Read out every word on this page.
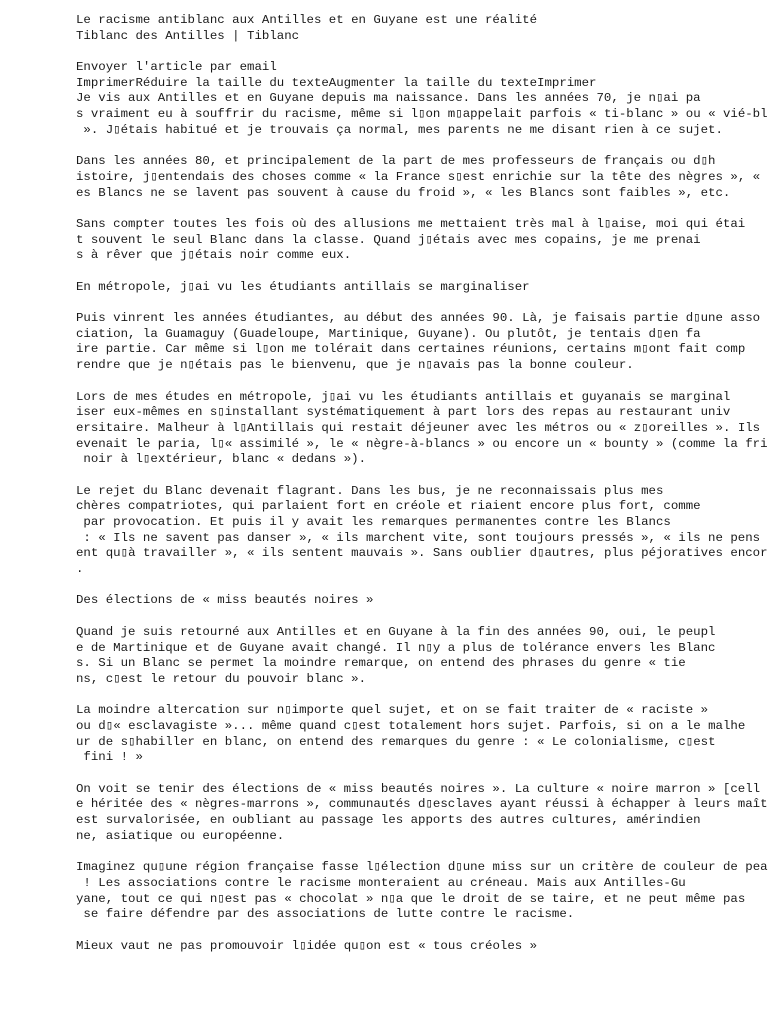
Le racisme antiblanc aux Antilles et en Guyane est une réalité
Tiblanc des Antilles | Tiblanc
Envoyer l'article par email
ImprimerRéduire la taille du texteAugmenter la taille du texteImprimer
Je vis aux Antilles et en Guyane depuis ma naissance. Dans les années 70, je n▯ai pa
s vraiment eu à souffrir du racisme, même si l▯on m▯appelait parfois « ti-blanc » ou « vié-bl
». J▯étais habitué et je trouvais ça normal, mes parents ne me disant rien à ce sujet.
Dans les années 80, et principalement de la part de mes professeurs de français ou d▯h
istoire, j▯entendais des choses comme « la France s▯est enrichie sur la tête des nègres », «
es Blancs ne se lavent pas souvent à cause du froid », « les Blancs sont faibles », etc.
Sans compter toutes les fois où des allusions me mettaient très mal à l▯aise, moi qui étai
t souvent le seul Blanc dans la classe. Quand j▯étais avec mes copains, je me prenai
s à rêver que j▯étais noir comme eux.
En métropole, j▯ai vu les étudiants antillais se marginaliser
Puis vinrent les années étudiantes, au début des années 90. Là, je faisais partie d▯une asso
ciation, la Guamaguy (Guadeloupe, Martinique, Guyane). Ou plutôt, je tentais d▯en fa
ire partie. Car même si l▯on me tolérait dans certaines réunions, certains m▯ont fait comp
rendre que je n▯étais pas le bienvenu, que je n▯avais pas la bonne couleur.
Lors de mes études en métropole, j▯ai vu les étudiants antillais et guyanais se marginal
iser eux-mêmes en s▯installant systématiquement à part lors des repas au restaurant univ
ersitaire. Malheur à l▯Antillais qui restait déjeuner avec les métros ou « z▯oreilles ». Ils
evenait le paria, l▯« assimilé », le « nègre-à-blancs » ou encore un « bounty » (comme la fri
noir à l▯extérieur, blanc « dedans »).
Le rejet du Blanc devenait flagrant. Dans les bus, je ne reconnaissais plus mes
chères compatriotes, qui parlaient fort en créole et riaient encore plus fort, comme
par provocation. Et puis il y avait les remarques permanentes contre les Blancs
: « Ils ne savent pas danser », « ils marchent vite, sont toujours pressés », « ils ne pens
ent qu▯à travailler », « ils sentent mauvais ». Sans oublier d▯autres, plus péjoratives encor
.
Des élections de « miss beautés noires »
Quand je suis retourné aux Antilles et en Guyane à la fin des années 90, oui, le peupl
e de Martinique et de Guyane avait changé. Il n▯y a plus de tolérance envers les Blanc
s. Si un Blanc se permet la moindre remarque, on entend des phrases du genre « tie
ns, c▯est le retour du pouvoir blanc ».
La moindre altercation sur n▯importe quel sujet, et on se fait traiter de « raciste »
ou d▯« esclavagiste »... même quand c▯est totalement hors sujet. Parfois, si on a le malhe
ur de s▯habiller en blanc, on entend des remarques du genre : « Le colonialisme, c▯est
fini ! »
On voit se tenir des élections de « miss beautés noires ». La culture « noire marron » [cell
e héritée des « nègres-marrons », communautés d▯esclaves ayant réussi à échapper à leurs maît
est survalorisée, en oubliant au passage les apports des autres cultures, amérindien
ne, asiatique ou européenne.
Imaginez qu▯une région française fasse l▯élection d▯une miss sur un critère de couleur de pea
! Les associations contre le racisme monteraient au créneau. Mais aux Antilles-Gu
yane, tout ce qui n▯est pas « chocolat » n▯a que le droit de se taire, et ne peut même pas
se faire défendre par des associations de lutte contre le racisme.
Mieux vaut ne pas promouvoir l▯idée qu▯on est « tous créoles »
